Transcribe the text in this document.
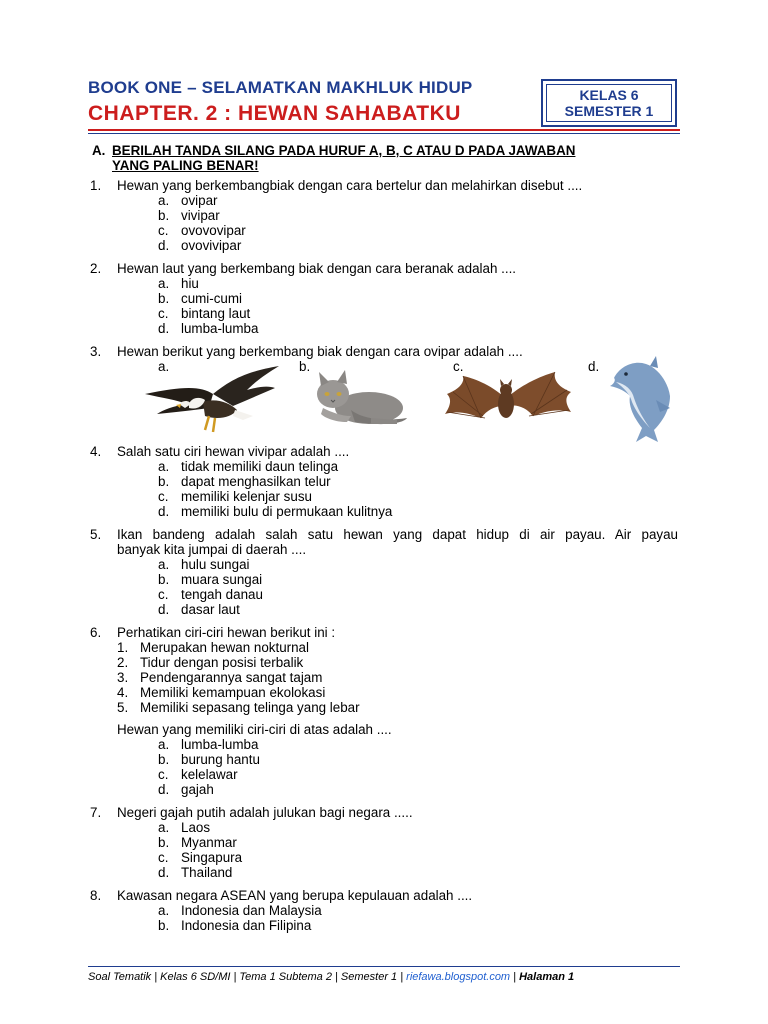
BOOK ONE – SELAMATKAN MAKHLUK HIDUP
CHAPTER. 2 : HEWAN SAHABATKU
KELAS 6
SEMESTER 1
A. BERILAH TANDA SILANG PADA HURUF A, B, C ATAU D PADA JAWABAN
YANG PALING BENAR!
1. Hewan yang berkembangbiak dengan cara bertelur dan melahirkan disebut ....
a. ovipar
b. vivipar
c. ovovovipar
d. ovovivipar
2. Hewan laut yang berkembang biak dengan cara beranak adalah ....
a. hiu
b. cumi-cumi
c. bintang laut
d. lumba-lumba
3. Hewan berikut yang berkembang biak dengan cara ovipar adalah ....
a.	b.	c.	d.
4. Salah satu ciri hewan vivipar adalah ....
a. tidak memiliki daun telinga
b. dapat menghasilkan telur
c. memiliki kelenjar susu
d. memiliki bulu di permukaan kulitnya
5. Ikan bandeng adalah salah satu hewan yang dapat hidup di air payau. Air payau
banyak kita jumpai di daerah ....
a. hulu sungai
b. muara sungai
c. tengah danau
d. dasar laut
6. Perhatikan ciri-ciri hewan berikut ini :
1. Merupakan hewan nokturnal
2. Tidur dengan posisi terbalik
3. Pendengarannya sangat tajam
4. Memiliki kemampuan ekolokasi
5. Memiliki sepasang telinga yang lebar
Hewan yang memiliki ciri-ciri di atas adalah ....
a. lumba-lumba
b. burung hantu
c. kelelawar
d. gajah
7. Negeri gajah putih adalah julukan bagi negara .....
a. Laos
b. Myanmar
c. Singapura
d. Thailand
8. Kawasan negara ASEAN yang berupa kepulauan adalah ....
a. Indonesia dan Malaysia
b. Indonesia dan Filipina
Soal Tematik | Kelas 6 SD/MI | Tema 1 Subtema 2 | Semester 1 | riefawa.blogspot.com | Halaman 1
